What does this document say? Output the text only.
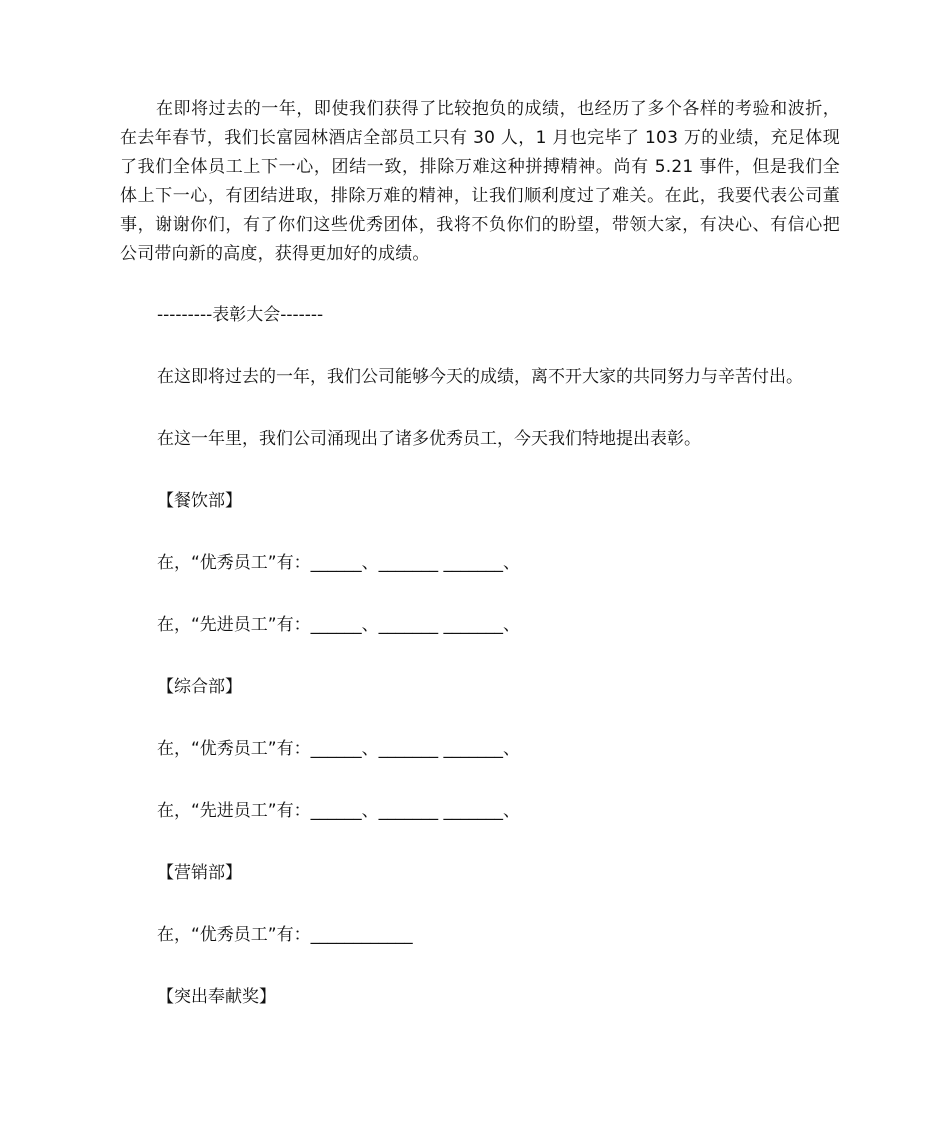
在即将过去的一年，即使我们获得了比较抱负的成绩，也经历了多个各样的考验和波折，在去年春节，我们长富园林酒店全部员工只有 30 人，1 月也完毕了 103 万的业绩，充足体现了我们全体员工上下一心，团结一致，排除万难这种拼搏精神。尚有 5.21 事件，但是我们全体上下一心，有团结进取，排除万难的精神，让我们顺利度过了难关。在此，我要代表公司董事，谢谢你们，有了你们这些优秀团体，我将不负你们的盼望，带领大家，有决心、有信心把公司带向新的高度，获得更加好的成绩。

---------表彰大会-------
在这即将过去的一年，我们公司能够今天的成绩，离不开大家的共同努力与辛苦付出。
在这一年里，我们公司涌现出了诸多优秀员工，今天我们特地提出表彰。
【餐饮部】
在，“优秀员工”有：______、_______ _______、
在，“先进员工”有：______、_______ _______、
【综合部】
在，“优秀员工”有：______、_______ _______、
在，“先进员工”有：______、_______ _______、
【营销部】
在，“优秀员工”有：____________
【突出奉献奖】
